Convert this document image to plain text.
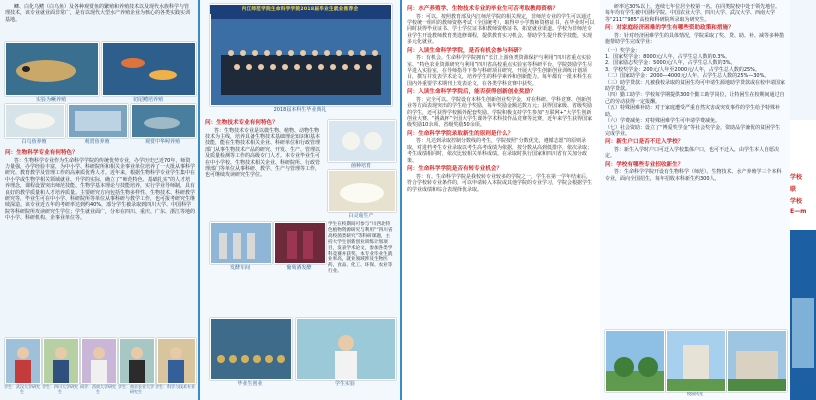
鲫、白化乌鳢（白乌鱼）及各种观赏鱼的繁殖和养殖技术以及现代水族科学与管理技术，该专业就业面非常广，是有以现代大型水产养殖企业为核心的各类实践实训基地。

实验为鳜养殖	切尾鳢培养殖
白乌鱼养殖	观赏鱼养殖	观赏中华鲟养殖
问：生物科学专业有何特色？

答：生物科学专业作为生命科学学院的传统优势专业，办学历史已近70年，师资力量强，办学经验丰富，为中小学、科研院所和相关企事业单位培养了一大批从事科学研究、教育教学及管理工作的高素质优秀人才。近年来，根据生物科学专业学生集中在中小学或生物学相关领域就业、升学的实际，确立了“师范特色、基础扎实”的人才培养理念，课程设置突出师范技能、生物学基本理论与技能培养，实行学业导师制，具有良好的教学质量和人才培养质量。主要研究方向包括生物多样性、生物技术、科研教学研究等，毕业生可在中小学、科研院所等单位从事科研与教学工作，也可报考研究生继续深造。该专业近五年的考研率达到约40%，部分学生被录取到四川大学、中国科学院等科研院所攻读研究生学位；学生就业面广，分布在四川、重庆、广东、浙江等地的中小学、科研机构、企事业单位等。

学生：武汉大学研究生
学生：四川大学研究生
同学：西南大学研究生
学生：南京农业大学研究生
学生：科学与技术专业
内江师范学院生命科学学院2018届毕业生就业推荐会
2018届本科生毕业典礼
问：生物技术专业有何特色？

答：生物技术专业是以微生物、植物、动物生物技术为主线，培养具备生物技术基础理论知识和基本技能，能在生物技术相关企业、科研单位和行政管理部门从事生物技术产品的研究、开发、生产、管理以及质量检测等工作的高级专门人才。本专业毕业生可在中小学校、生物技术相关企业、科研院所、行政管理部门等单位从事科研、教学、生产与管理等工作，也可继续攻读研究生学位。

菌种培育
白灵菇生产
发酵车间	葡萄酒发酵

学生在校期间可参与“川西北特色植物资源研究与利用”“四川省高校菌类研究”等科研课题，主持大学生创新创业训练计划项目，发表学术论文，参加各类学科竞赛并获奖。本专业毕业生就业率高，就业领域涉及生物医药、食品、化工、环保、农业等行业。

毕业生创业	学生实验
问：水产养殖学、生物技术专业的毕业生可否考取教师资格？

答：可以。按照教育部及内江师范学院的相关规定，非师范专业的学生可以通过学校统一组织的教师资格考试（全国统考），取得中小学教师资格证书，在毕业时可以同时获得毕业证书、学士学位证书和教师资格证书，拓宽就业渠道。学校为非师范专业学生开设教师教育类选修课程，提供教育实习机会，帮助学生提升教学技能，实现多元化就业。

问：入读生命科学学院，是否有机会参与科研？

答：有机会。生命科学学院拥有“长江上游鱼类资源保护与利用”四川省重点实验室、“特色农业资源研究与利用”四川省高校重点实验室等科研平台，学院鼓励学生尽早进入实验室，在导师指导下参与科研项目研究，开展大学生创新创业训练计划项目，撰写并发表学术论文，培养学生的科学素养和创新能力。每年都有一批本科生在国内外重要学术期刊上发表论文，在各类学科竞赛中获奖。

问：入读生命科学学院后，能否获得创新创业奖励？

答：完全可以。学院设有本科生创新创业奖学金，对在科研、学科竞赛、创新创业等方面表现突出的学生给予奖励，每年奖励金额达数万元；获得国家级、省级奖励的学生，还可获得学校额外配套奖励。学院积极支持学生参加“互联网+”大学生创新创业大赛、“挑战杯”全国大学生课外学术科技作品竞赛等比赛，近年来学生获得国家级奖励10余项、省级奖励50余项。

问：生命科学学院录取新生的原则是什么？

答：凡达到录取控制分数线的考生，学院按照“分数优先，遵循志愿”的原则录取，对进档考生专业录取以考生高考成绩为依据，按分数从高到低排序，依次录取；考生成绩相同时，依次比较相关单科成绩。在录取时执行国家和四川省有关加分政策。

问：生命科学学院是否有转专业机会？

答：有。生命科学学院是我校转专业较多的学院之一，学生在第一学年结束后，符合学校转专业条件的，可以申请转入本院或其他学院的专业学习，学院会根据学生的学业成绩和综合表现择优录取。

研率达30%以上，连续七年位居全校第一名。在同类院校中处于领先地位。每年均有学生被中国科学院、中国农业大学、四川大学、武汉大学、西南大学等“211”“985”高校和科研院所录取为研究生。

问：对家庭经济困难的学生有哪些资助政策和措施？

答：针对经济困难学生的具体情况，学院采取了奖、贷、助、补、减等多种措施帮助学生完成学业：

（一）奖学金：

1．国家奖学金：8000元/人年，占学生总人数的0.3%。

2．国家励志奖学金：5000元/人年，占学生总人数的3%。

3．学校奖学金：200元/人年至2000元/人年，占学生总人数的25%。

（二）国家助学金：2000—4000元/人年，占学生总人数的25%—30%。

（三）助学贷款：凡被我校录取的贫困生均可申请生源地助学贷款或在校申请国家助学贷款。

（四）勤工助学：学校每学期提供300个勤工助学岗位，让特困生在校期间通过自己的劳动获得一定报酬。

（五）特殊困难补助：对于家庭遭受严重自然灾害或突发事件的学生给予特殊补助。

（六）学费减免：对特殊困难学生可申请学费减免。

（七）社会资助：设立了“博爱奖学金”等社会奖学金，资助品学兼优的贫困学生完成学业。

问：新生户口是否不迁入学校？

答：新生入学时户口可迁入学校集体户口，也可不迁入，由学生本人自愿决定。

问：学校有哪些专业招收新生？

答：生命科学学院开设有生物科学（师范）、生物技术、水产养殖学三个本科专业，面向全国招生，每年招收本科新生约300人。

校园风光
学校
联
学校
E—m
